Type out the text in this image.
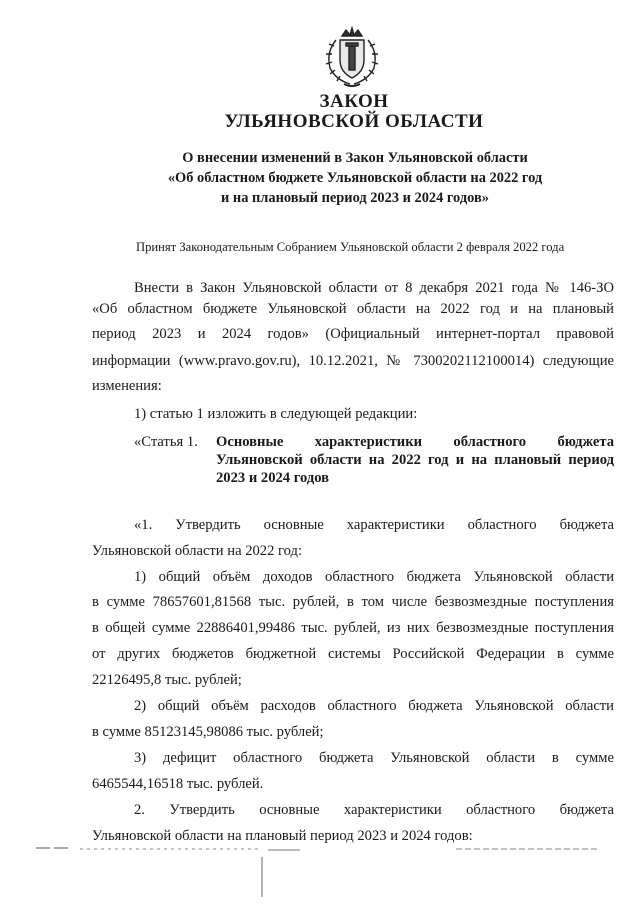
ЗАКОН
УЛЬЯНОВСКОЙ ОБЛАСТИ
О внесении изменений в Закон Ульяновской области
«Об областном бюджете Ульяновской области на 2022 год
и на плановый период 2023 и 2024 годов»
Принят Законодательным Собранием Ульяновской области 2 февраля 2022 года
Внести в Закон Ульяновской области от 8 декабря 2021 года № 146-ЗО
«Об областном бюджете Ульяновской области на 2022 год и на плановый
период 2023 и 2024 годов» (Официальный интернет-портал правовой
информации (www.pravo.gov.ru), 10.12.2021, № 7300202112100014) следующие
изменения:
1) статью 1 изложить в следующей редакции:
«Статья 1. Основные характеристики областного бюджета
Ульяновской области на 2022 год и на плановый период
2023 и 2024 годов
«1. Утвердить основные характеристики областного бюджета
Ульяновской области на 2022 год:
1) общий объём доходов областного бюджета Ульяновской области
в сумме 78657601,81568 тыс. рублей, в том числе безвозмездные поступления
в общей сумме 22886401,99486 тыс. рублей, из них безвозмездные поступления
от других бюджетов бюджетной системы Российской Федерации в сумме
22126495,8 тыс. рублей;
2) общий объём расходов областного бюджета Ульяновской области
в сумме 85123145,98086 тыс. рублей;
3) дефицит областного бюджета Ульяновской области в сумме
6465544,16518 тыс. рублей.
2. Утвердить основные характеристики областного бюджета
Ульяновской области на плановый период 2023 и 2024 годов:
